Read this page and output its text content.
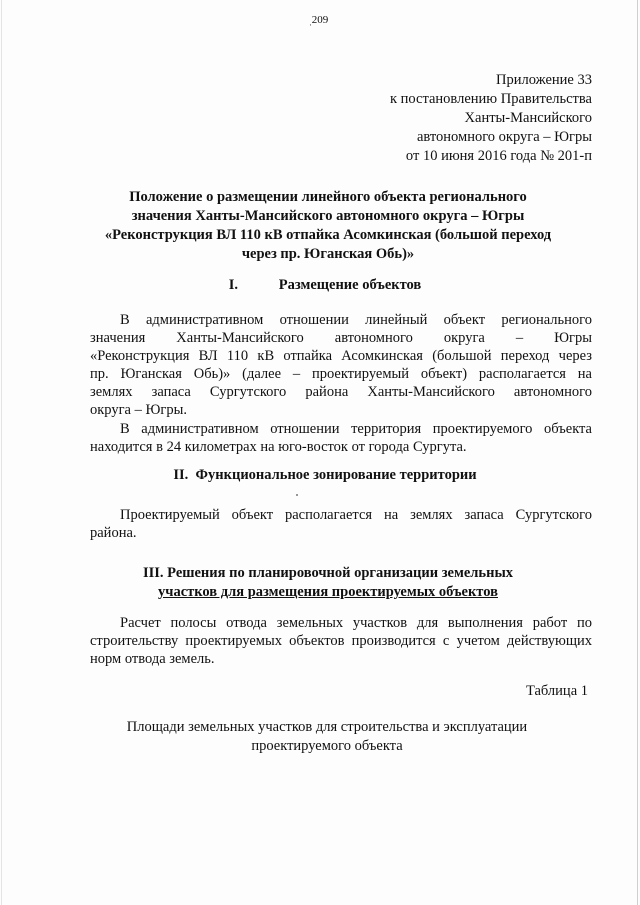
209
·
Приложение 33
к постановлению Правительства
Ханты-Мансийского
автономного округа – Югры
от 10 июня 2016 года № 201-п
Положение о размещении линейного объекта регионального
значения Ханты-Мансийского автономного округа – Югры
«Реконструкция ВЛ 110 кВ отпайка Асомкинская (большой переход
через пр. Юганская Обь)»
I.	Размещение объектов
В административном отношении линейный объект регионального
значения Ханты-Мансийского автономного округа – Югры
«Реконструкция ВЛ 110 кВ отпайка Асомкинская (большой переход через
пр. Юганская Обь)» (далее – проектируемый объект) располагается на
землях запаса Сургутского района Ханты-Мансийского автономного
округа – Югры.
В административном отношении территория проектируемого объекта
находится в 24 километрах на юго-восток от города Сургута.
II. Функциональное зонирование территории
Проектируемый объект располагается на землях запаса Сургутского
района.
III. Решения по планировочной организации земельных
участков для размещения проектируемых объектов
Расчет полосы отвода земельных участков для выполнения работ по
строительству проектируемых объектов производится с учетом действующих
норм отвода земель.
Таблица 1
Площади земельных участков для строительства и эксплуатации
проектируемого объекта
